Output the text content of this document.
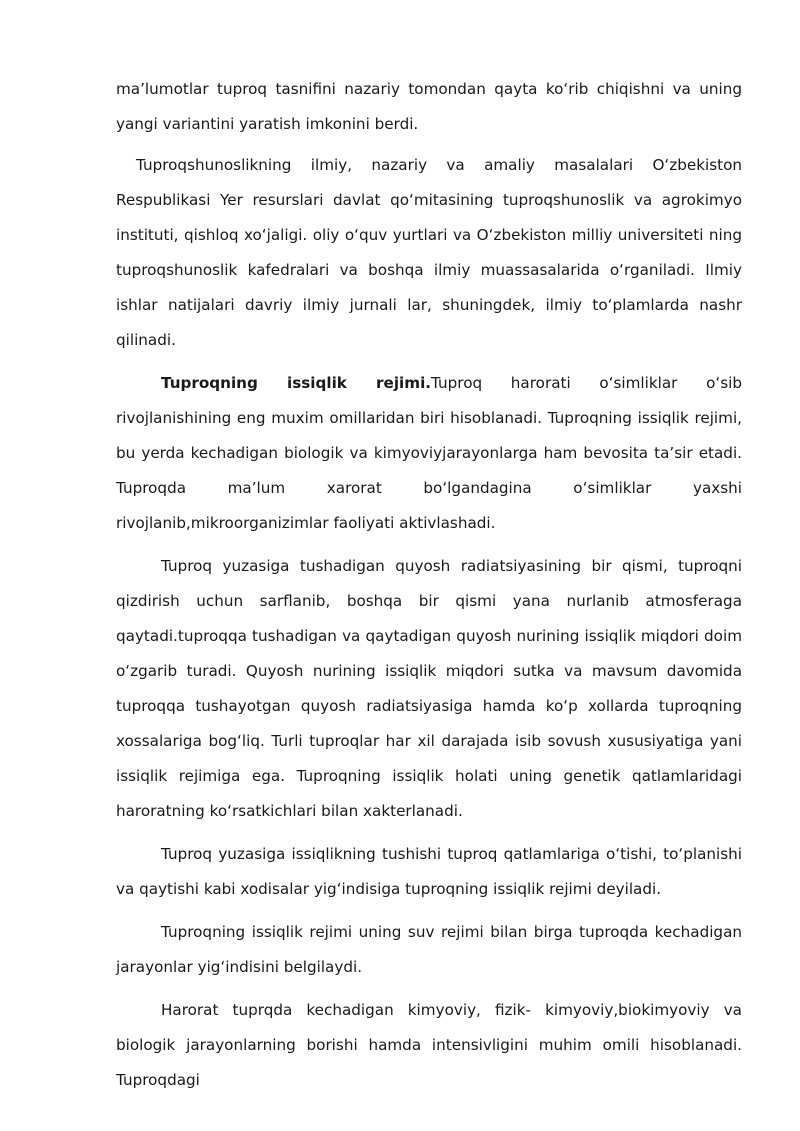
ma’lumotlar tuproq tasnifini nazariy tomondan qayta koʻrib chiqishni va uning yangi variantini yaratish imkonini berdi.

Tuproqshunoslikning ilmiy, nazariy va amaliy masalalari Oʻzbekiston Respublikasi Yer resurslari davlat qoʻmitasining tuproqshunoslik va agrokimyo instituti, qishloq xoʻjaligi. oliy oʻquv yurtlari va Oʻzbekiston milliy universiteti ning tuproqshunoslik kafedralari va boshqa ilmiy muassasalarida oʻrganiladi. Ilmiy ishlar natijalari davriy ilmiy jurnali lar, shuningdek, ilmiy toʻplamlarda nashr qilinadi.

Tuproqning issiqlik rejimi.Tuproq harorati oʻsimliklar oʻsib rivojlanishining eng muxim omillaridan biri hisoblanadi. Tuproqning issiqlik rejimi, bu yerda kechadigan biologik va kimyoviyjarayonlarga ham bevosita ta’sir etadi. Tuproqda ma’lum xarorat boʻlgandagina oʻsimliklar yaxshi rivojlanib,mikroorganizimlar faoliyati aktivlashadi.

Tuproq yuzasiga tushadigan quyosh radiatsiyasining bir qismi, tuproqni qizdirish uchun sarflanib, boshqa bir qismi yana nurlanib atmosferaga qaytadi.tuproqqa tushadigan va qaytadigan quyosh nurining issiqlik miqdori doim oʻzgarib turadi. Quyosh nurining issiqlik miqdori sutka va mavsum davomida tuproqqa tushayotgan quyosh radiatsiyasiga hamda koʻp xollarda tuproqning xossalariga bogʻliq. Turli tuproqlar har xil darajada isib sovush xususiyatiga yani issiqlik rejimiga ega. Tuproqning issiqlik holati uning genetik qatlamlaridagi haroratning koʻrsatkichlari bilan xakterlanadi.

Tuproq yuzasiga issiqlikning tushishi tuproq qatlamlariga oʻtishi, toʻplanishi va qaytishi kabi xodisalar yigʻindisiga tuproqning issiqlik rejimi deyiladi.

Tuproqning issiqlik rejimi uning suv rejimi bilan birga tuproqda kechadigan jarayonlar yigʻindisini belgilaydi.

Harorat tuprqda kechadigan kimyoviy, fizik- kimyoviy,biokimyoviy va biologik jarayonlarning borishi hamda intensivligini muhim omili hisoblanadi. Tuproqdagi
